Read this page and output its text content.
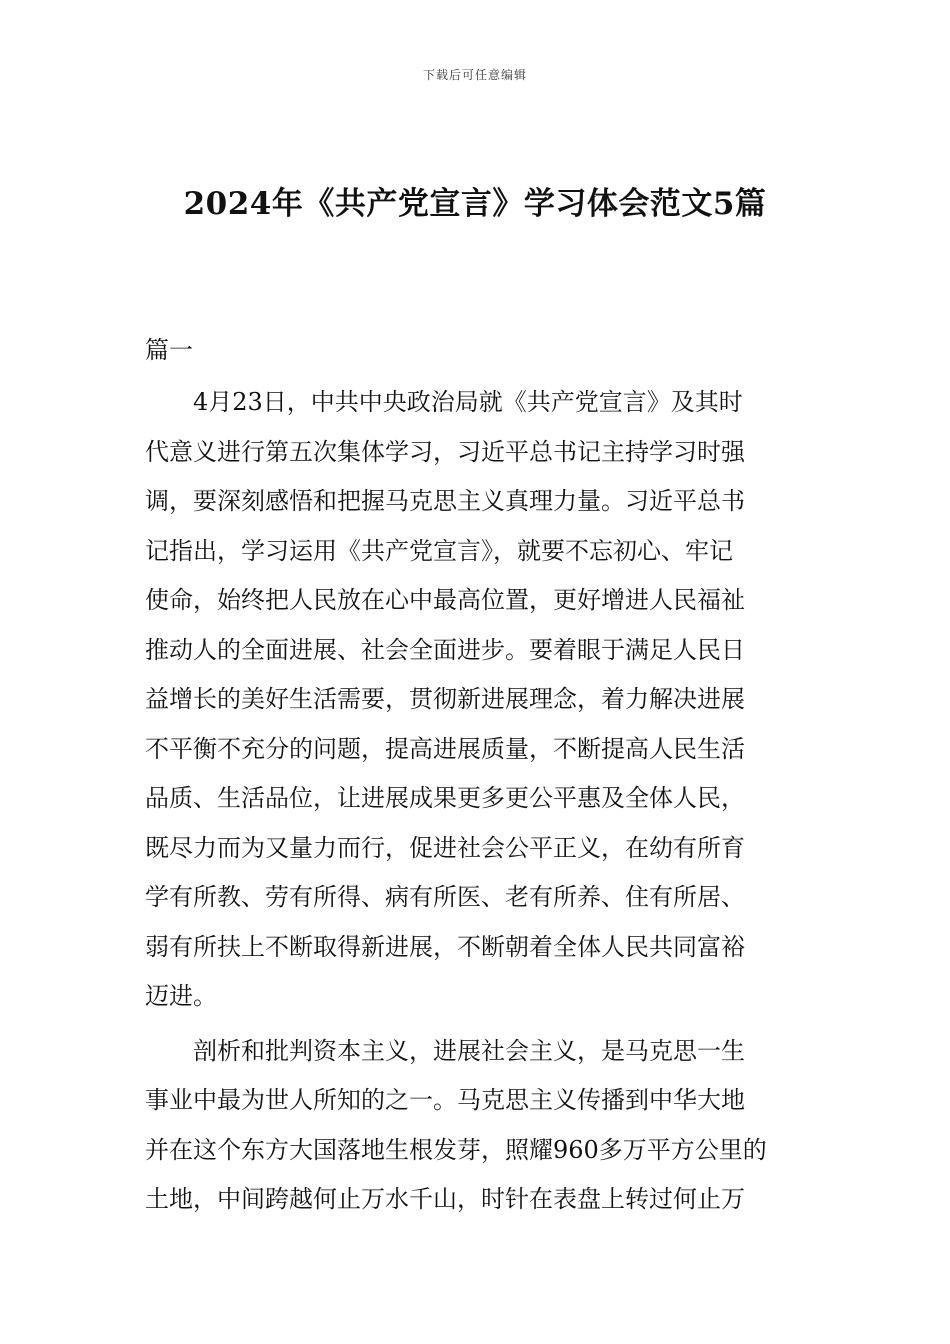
下载后可任意编辑
2024年《共产党宣言》学习体会范文5篇
篇一

4月23日，中共中央政治局就《共产党宣言》及其时
代意义进行第五次集体学习，习近平总书记主持学习时强
调，要深刻感悟和把握马克思主义真理力量。习近平总书
记指出，学习运用《共产党宣言》，就要不忘初心、牢记
使命，始终把人民放在心中最高位置，更好增进人民福祉
推动人的全面进展、社会全面进步。要着眼于满足人民日
益增长的美好生活需要，贯彻新进展理念，着力解决进展
不平衡不充分的问题，提高进展质量，不断提高人民生活
品质、生活品位，让进展成果更多更公平惠及全体人民，
既尽力而为又量力而行，促进社会公平正义，在幼有所育
学有所教、劳有所得、病有所医、老有所养、住有所居、
弱有所扶上不断取得新进展，不断朝着全体人民共同富裕
迈进。

剖析和批判资本主义，进展社会主义，是马克思一生
事业中最为世人所知的之一。马克思主义传播到中华大地
并在这个东方大国落地生根发芽，照耀960多万平方公里的
土地，中间跨越何止万水千山，时针在表盘上转过何止万
